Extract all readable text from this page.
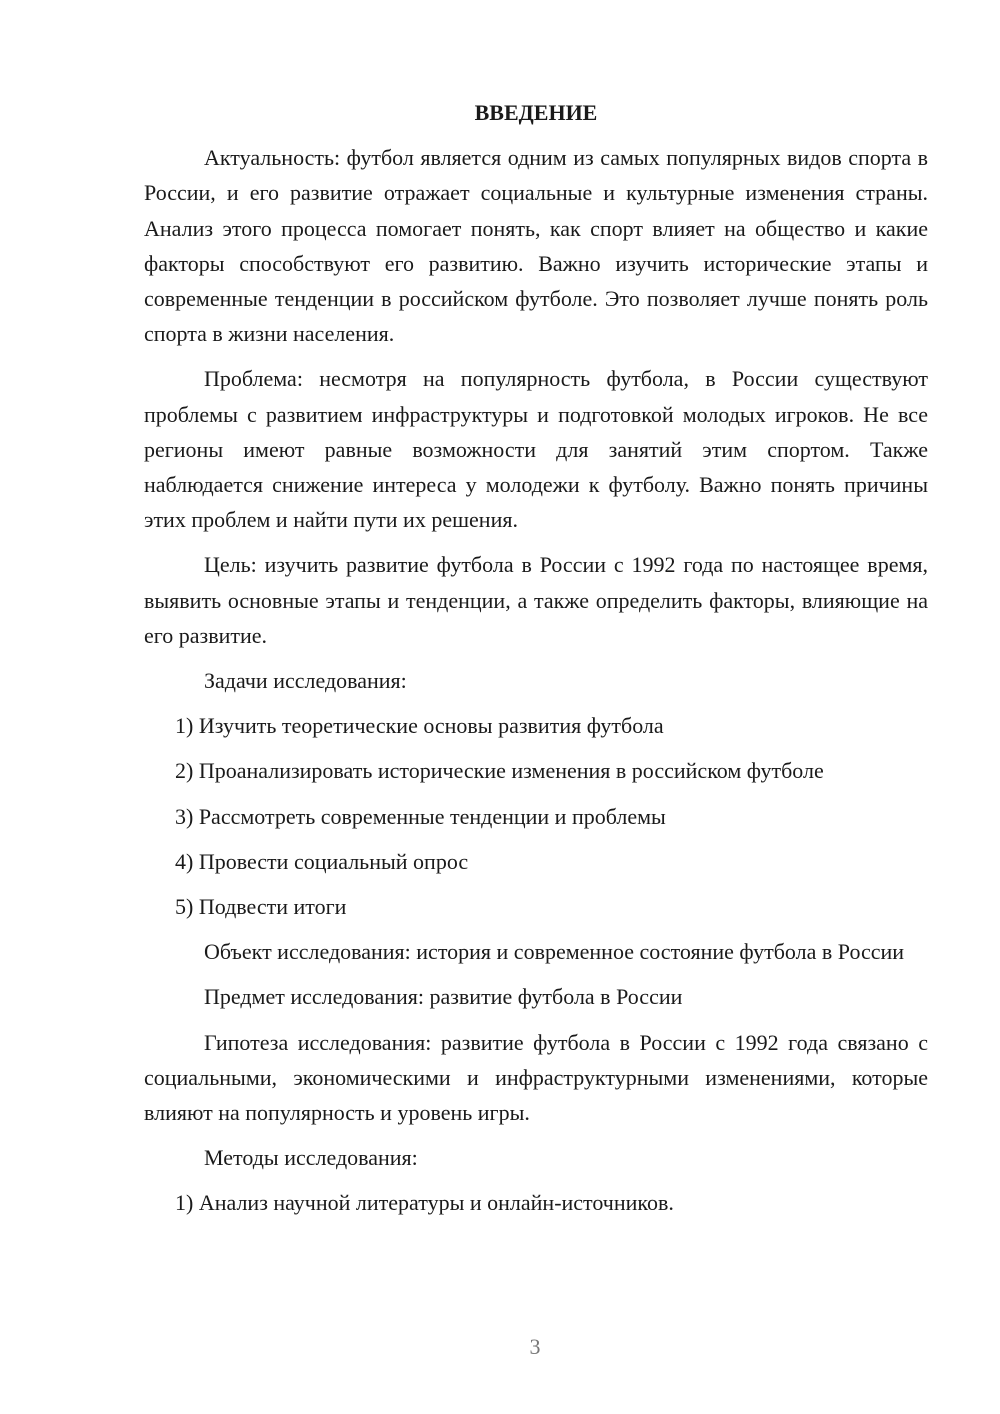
ВВЕДЕНИЕ

Актуальность: футбол является одним из самых популярных видов спорта в России, и его развитие отражает социальные и культурные изменения страны. Анализ этого процесса помогает понять, как спорт влияет на общество и какие факторы способствуют его развитию. Важно изучить исторические этапы и современные тенденции в российском футболе. Это позволяет лучше понять роль спорта в жизни населения.

Проблема: несмотря на популярность футбола, в России существуют проблемы с развитием инфраструктуры и подготовкой молодых игроков. Не все регионы имеют равные возможности для занятий этим спортом. Также наблюдается снижение интереса у молодежи к футболу. Важно понять причины этих проблем и найти пути их решения.

Цель: изучить развитие футбола в России с 1992 года по настоящее время, выявить основные этапы и тенденции, а также определить факторы, влияющие на его развитие.

Задачи исследования:

1) Изучить теоретические основы развития футбола

2) Проанализировать исторические изменения в российском футболе

3) Рассмотреть современные тенденции и проблемы

4) Провести социальный опрос

5) Подвести итоги

Объект исследования: история и современное состояние футбола в России

Предмет исследования: развитие футбола в России

Гипотеза исследования: развитие футбола в России с 1992 года связано с социальными, экономическими и инфраструктурными изменениями, которые влияют на популярность и уровень игры.

Методы исследования:

1) Анализ научной литературы и онлайн-источников.

3
